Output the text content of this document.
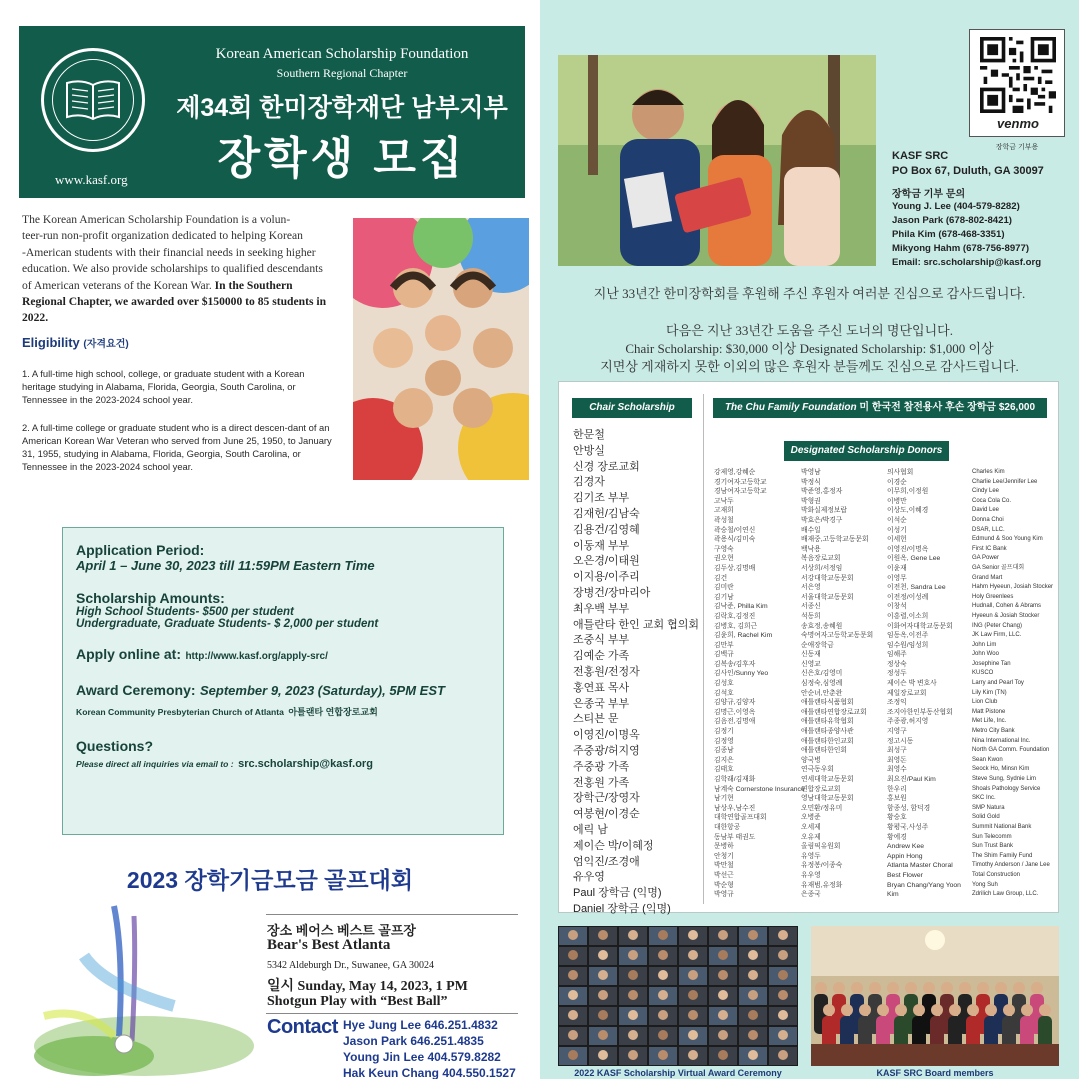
www.kasf.org
Korean American Scholarship Foundation
Southern Regional Chapter
제34회 한미장학재단 남부지부
장학생 모집
The Korean American Scholarship Foundation is a volun-
teer-run non-profit organization dedicated to helping Korean
-American students with their financial needs in seeking higher
education. We also provide scholarships to qualified descendants
of American veterans of the Korean War. In the Southern
Regional Chapter, we awarded over $150000 to 85 students in
2022.
Eligibility (자격요건)
1. A full-time high school, college, or graduate student with a Korean heritage studying in Alabama, Florida, Georgia, South Carolina, or Tennessee in the 2023-2024 school year.
2. A full-time college or graduate student who is a direct descen-dant of an American Korean War Veteran who served from June 25, 1950, to January 31, 1955, studying in Alabama, Florida, Georgia, South Carolina, or Tennessee in the 2023-2024 school year.
Application Period:
April 1 – June 30, 2023 till 11:59PM Eastern Time
Scholarship Amounts:
High School Students- $500 per student
Undergraduate, Graduate Students- $ 2,000 per student
Apply online at: http://www.kasf.org/apply-src/
Award Ceremony: September 9, 2023 (Saturday), 5PM EST
Korean Community Presbyterian Church of Atlanta 아틀랜타 연합장로교회
Questions?
Please direct all inquiries via email to : src.scholarship@kasf.org
2023 장학기금모금 골프대회
장소 베어스 베스트 골프장
Bear's Best Atlanta
5342 Aldeburgh Dr., Suwanee, GA 30024
일시 Sunday, May 14, 2023, 1 PM
Shotgun Play with “Best Ball”
Contact Hye Jung Lee 646.251.4832
Jason Park 646.251.4835
Young Jin Lee 404.579.8282
Hak Keun Chang 404.550.1527
venmo
장학금 기부용
KASF SRC
PO Box 67, Duluth, GA 30097
장학금 기부 문의
Young J. Lee (404-579-8282)
Jason Park (678-802-8421)
Phila Kim (678-468-3351)
Mikyong Hahm (678-756-8977)
Email: src.scholarship@kasf.org
지난 33년간 한미장학회를 후원해 주신 후원자 여러분 진심으로 감사드립니다.
다음은 지난 33년간 도움을 주신 도너의 명단입니다.
Chair Scholarship: $30,000 이상 Designated Scholarship: $1,000 이상
지면상 게재하지 못한 이외의 많은 후원자 분들께도 진심으로 감사드립니다.
Chair Scholarship Donors
The Chu Family Foundation 미 한국전 참전용사 후손 장학금 $26,000
Designated Scholarship Donors
한문철
안방실
신경 장로교회
김경자
김기조 부부
김재헌/김남숙
김용건/김영혜
이동재 부부
오은경/이태원
이지용/이주리
장병건/장마리아
최우백 부부
애틀란타 한인 교회 협의회
조중식 부부
김예순 가족
전홍원/전정자
홍연표 목사
은종국 부부
스티븐 문
이영진/이명옥
주중광/허지영
주중광 가족
전홍원 가족
장학근/장영자
여봉현/이경순
에릭 남
제이슨 박/이혜정
엄익진/조경애
유우영
Paul 장학금 (익명)
Daniel 장학금 (익명)
강제영,강혜순
경기여자고등학교
경남여자고등학교
고낙두
고재희
곽성철
곽승철/이연신
곽용식/김미숙
구영숙
권오현
김두상,김명배
김건
김미란
김기남
김낙준, Philla Kim
김락호,김정진
김병호, 김희근
김윤희, Rachel Kim
김만부
김백규
김복송/김후자
김사인/Sunny Yeo
김성호
김석호
김양규,김양자
김명근,이영옥
김음전,김명애
김정기
김정영
김종남
김지은
김태호
김학래/김재화
남계숙 Cornerstone Insurance
남기현
남상우,남수진
대학연합골프대회
대한항공
동남부 태권도
문병하
안청기
박만철
박선근
박순형
박영규
박영남
박정식
박준영,홍정자
박형권
박화실제정보랍
박효은/박경구
배수일
배재중,고등학교동문회
백낙용
복음장로교회
서상희/서정임
서강대학교동문회
서은영
서울대학교동문회
서종신
석동희
송효정,송혜원
숙명여자고등학교동문회
순애장학금
신동재
신영교
신은호/김영미
심정숙,심영례
안순녀,안춘완
애틀랜타식품협회
애틀랜타연합장로교회
애틀랜타유학협회
애틀랜타종양사관
애틀랜타한인교회
애틀랜타한인회
양국병
연극동우회
연세대학교동문회
연합장로교회
영남대학교동문회
오민환/정유미
오병준
오세제
오유제
올림픽유원회
유영두
유정봉/이종숙
유우영
유재범,유정화
은종국
의사협회
이경순
이무희,이정원
이병만
이상도,이혜경
이석순
이성기
이세헌
이영진/이명옥
이원옥, Gene Lee
이윤재
이영무
이전천, Sandra Lee
이전정/이성례
이창석
이흥렬,이소희
이화여자대학교동문회
임동옥,이전주
임수원/임성희
임해주
정상숙
정성두
제이슨 박 변호사
제일장로교회
조정익
조지아한인부동산협회
주종광,허지영
지영구
정고시동
최성구
최영돈
최영수
최요진/Paul Kim
한우리
홍보원
함종성, 함덕경
황승호
황평국,사성주
황에경
Andrew Kee
Appin Hong
Atlanta Master Choral
Best Flower
Bryan Chang/Yang Yoon
Kim
Charles Kim
Charlie Lee/Jennifer Lee
Cindy Lee
Coca Cola Co.
David Lee
Donna Choi
DSAR, LLC.
Edmund & Soo Young Kim
First IC Bank
GA Power
GA Senior 골프대회
Grand Mart
Hahm Hyeeun, Josiah Stocker
Holy Greenlees
Hudnall, Cohen & Abrams
Hyeeun & Josiah Stocker
ING (Peter Chang)
JK Law Firm, LLC.
John Lim
John Woo
Josephine Tan
KUSCO
Larry and Pearl Toy
Lily Kim (TN)
Lion Club
Matt Pistone
Met Life, Inc.
Metro City Bank
Nina International Inc.
North GA Comm. Foundation
Sean Kwon
Seock Ho, Minsn Kim
Steve Sung, Sydnie Lim
Shoals Pathology Service
SKC Inc.
SMP Natura
Solid Gold
Summit National Bank
Sun Telecomm
Sun Trust Bank
The Shim Family Fund
Timothy Anderson / Jane Lee
Total Construction
Yong Suh
Zdrilich Law Group, LLC.
2022 KASF Scholarship Virtual Award Ceremony	KASF SRC Board members
